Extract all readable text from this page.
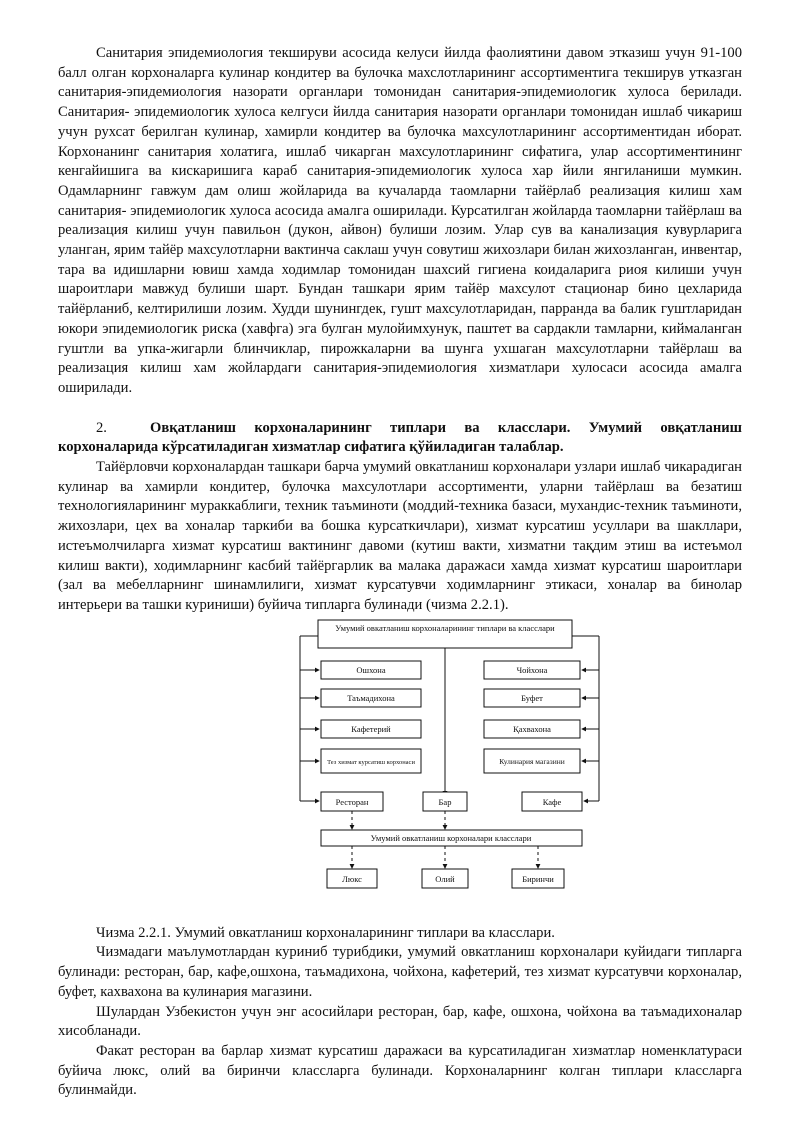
Санитария эпидемиология текшируви асосида келуси йилда фаолиятини давом этказиш учун 91-100 балл олган корхоналарга кулинар кондитер ва булочка махслотларининг ассортиментига текширув утказган санитария-эпидемиология назорати органлари томонидан санитария-эпидемиологик хулоса берилади. Санитария- эпидемиологик хулоса келгуси йилда санитария назорати органлари томонидан ишлаб чикариш учун рухсат берилган кулинар, хамирли кондитер ва булочка махсулотларининг ассортиментидан иборат. Корхонанинг санитария холатига, ишлаб чикарган махсулотларининг сифатига, улар ассортиментининг кенгайишига ва кискаришига караб санитария-эпидемиологик хулоса хар йили янгиланиши мумкин. Одамларнинг гавжум дам олиш жойларида ва кучаларда таомларни тайёрлаб реализация килиш хам санитария- эпидемиологик хулоса асосида амалга оширилади. Курсатилган жойларда таомларни тайёрлаш ва реализация килиш учун павильон (дукон, айвон) булиши лозим. Улар сув ва канализация кувурларига уланган, ярим тайёр махсулотларни вактинча саклаш учун совутиш жихозлари билан жихозланган, инвентар, тара ва идишларни ювиш хамда ходимлар томонидан шахсий гигиена коидаларига риоя килиши учун шароитлари мавжуд булиши шарт. Бундан ташкари ярим тайёр махсулот стационар бино цехларида тайёрланиб, келтирилиши лозим. Худди шунингдек, гушт махсулотларидан, парранда ва балик гуштларидан юкори эпидемиологик риска (хавфга) эга булган мулойимхунук, паштет ва сардакли тамларни, киймаланган гуштли ва упка-жигарли блинчиклар, пирожкаларни ва шунга ухшаган махсулотларни тайёрлаш ва реализация килиш хам жойлардаги санитария-эпидемиология хизматлари хулосаси асосида амалга оширилади.

2.	Овқатланиш корхоналарининг типлари ва класслари. Умумий овқатланиш корхоналарида кўрсатиладиган хизматлар сифатига қўйиладиган талаблар.

Тайёрловчи корхоналардан ташкари барча умумий овкатланиш корхоналари узлари ишлаб чикарадиган кулинар ва хамирли кондитер, булочка махсулотлари ассортименти, уларни тайёрлаш ва безатиш технологияларининг мураккаблиги, техник таъминоти (моддий-техника базаси, мухандис-техник таъминоти, жихозлари, цех ва хоналар таркиби ва бошка курсаткичлари), хизмат курсатиш усуллари ва шакллари, истеъмолчиларга хизмат курсатиш вактининг давоми (кутиш вакти, хизматни тақдим этиш ва истеъмол килиш вакти), ходимларнинг касбий тайёргарлик ва малака даражаси хамда хизмат курсатиш шароитлари (зал ва мебелларнинг шинамлилиги, хизмат курсатувчи ходимларнинг этикаси, хоналар ва бинолар интерьери ва ташки куриниши) буйича типларга булинади (чизма 2.2.1).

Умумий овкатланиш корхоналарининг типлари ва класслари
Ошхона
Таъмадихона
Кафетерий
Тез хизмат курсатиш корхонаси
Чойхона
Буфет
Қахвахона
Кулинария магазини
Ресторан	Бар	Кафе
Умумий овкатланиш корхоналари класслари
Люкс	Олий	Биринчи

Чизма 2.2.1. Умумий овкатланиш корхоналарининг типлари ва класслари.

Чизмадаги маълумотлардан куриниб турибдики, умумий овкатланиш корхоналари куйидаги типларга булинади: ресторан, бар, кафе,ошхона, таъмадихона, чойхона, кафетерий, тез хизмат курсатувчи корхоналар, буфет, кахвахона ва кулинария магазини.

Шулардан Узбекистон учун энг асосийлари ресторан, бар, кафе, ошхона, чойхона ва таъмадихоналар хисобланади.

Факат ресторан ва барлар хизмат курсатиш даражаси ва курсатиладиган хизматлар номенклатураси буйича люкс, олий ва биринчи классларга булинади. Корхоналарнинг колган типлари классларга булинмайди.
